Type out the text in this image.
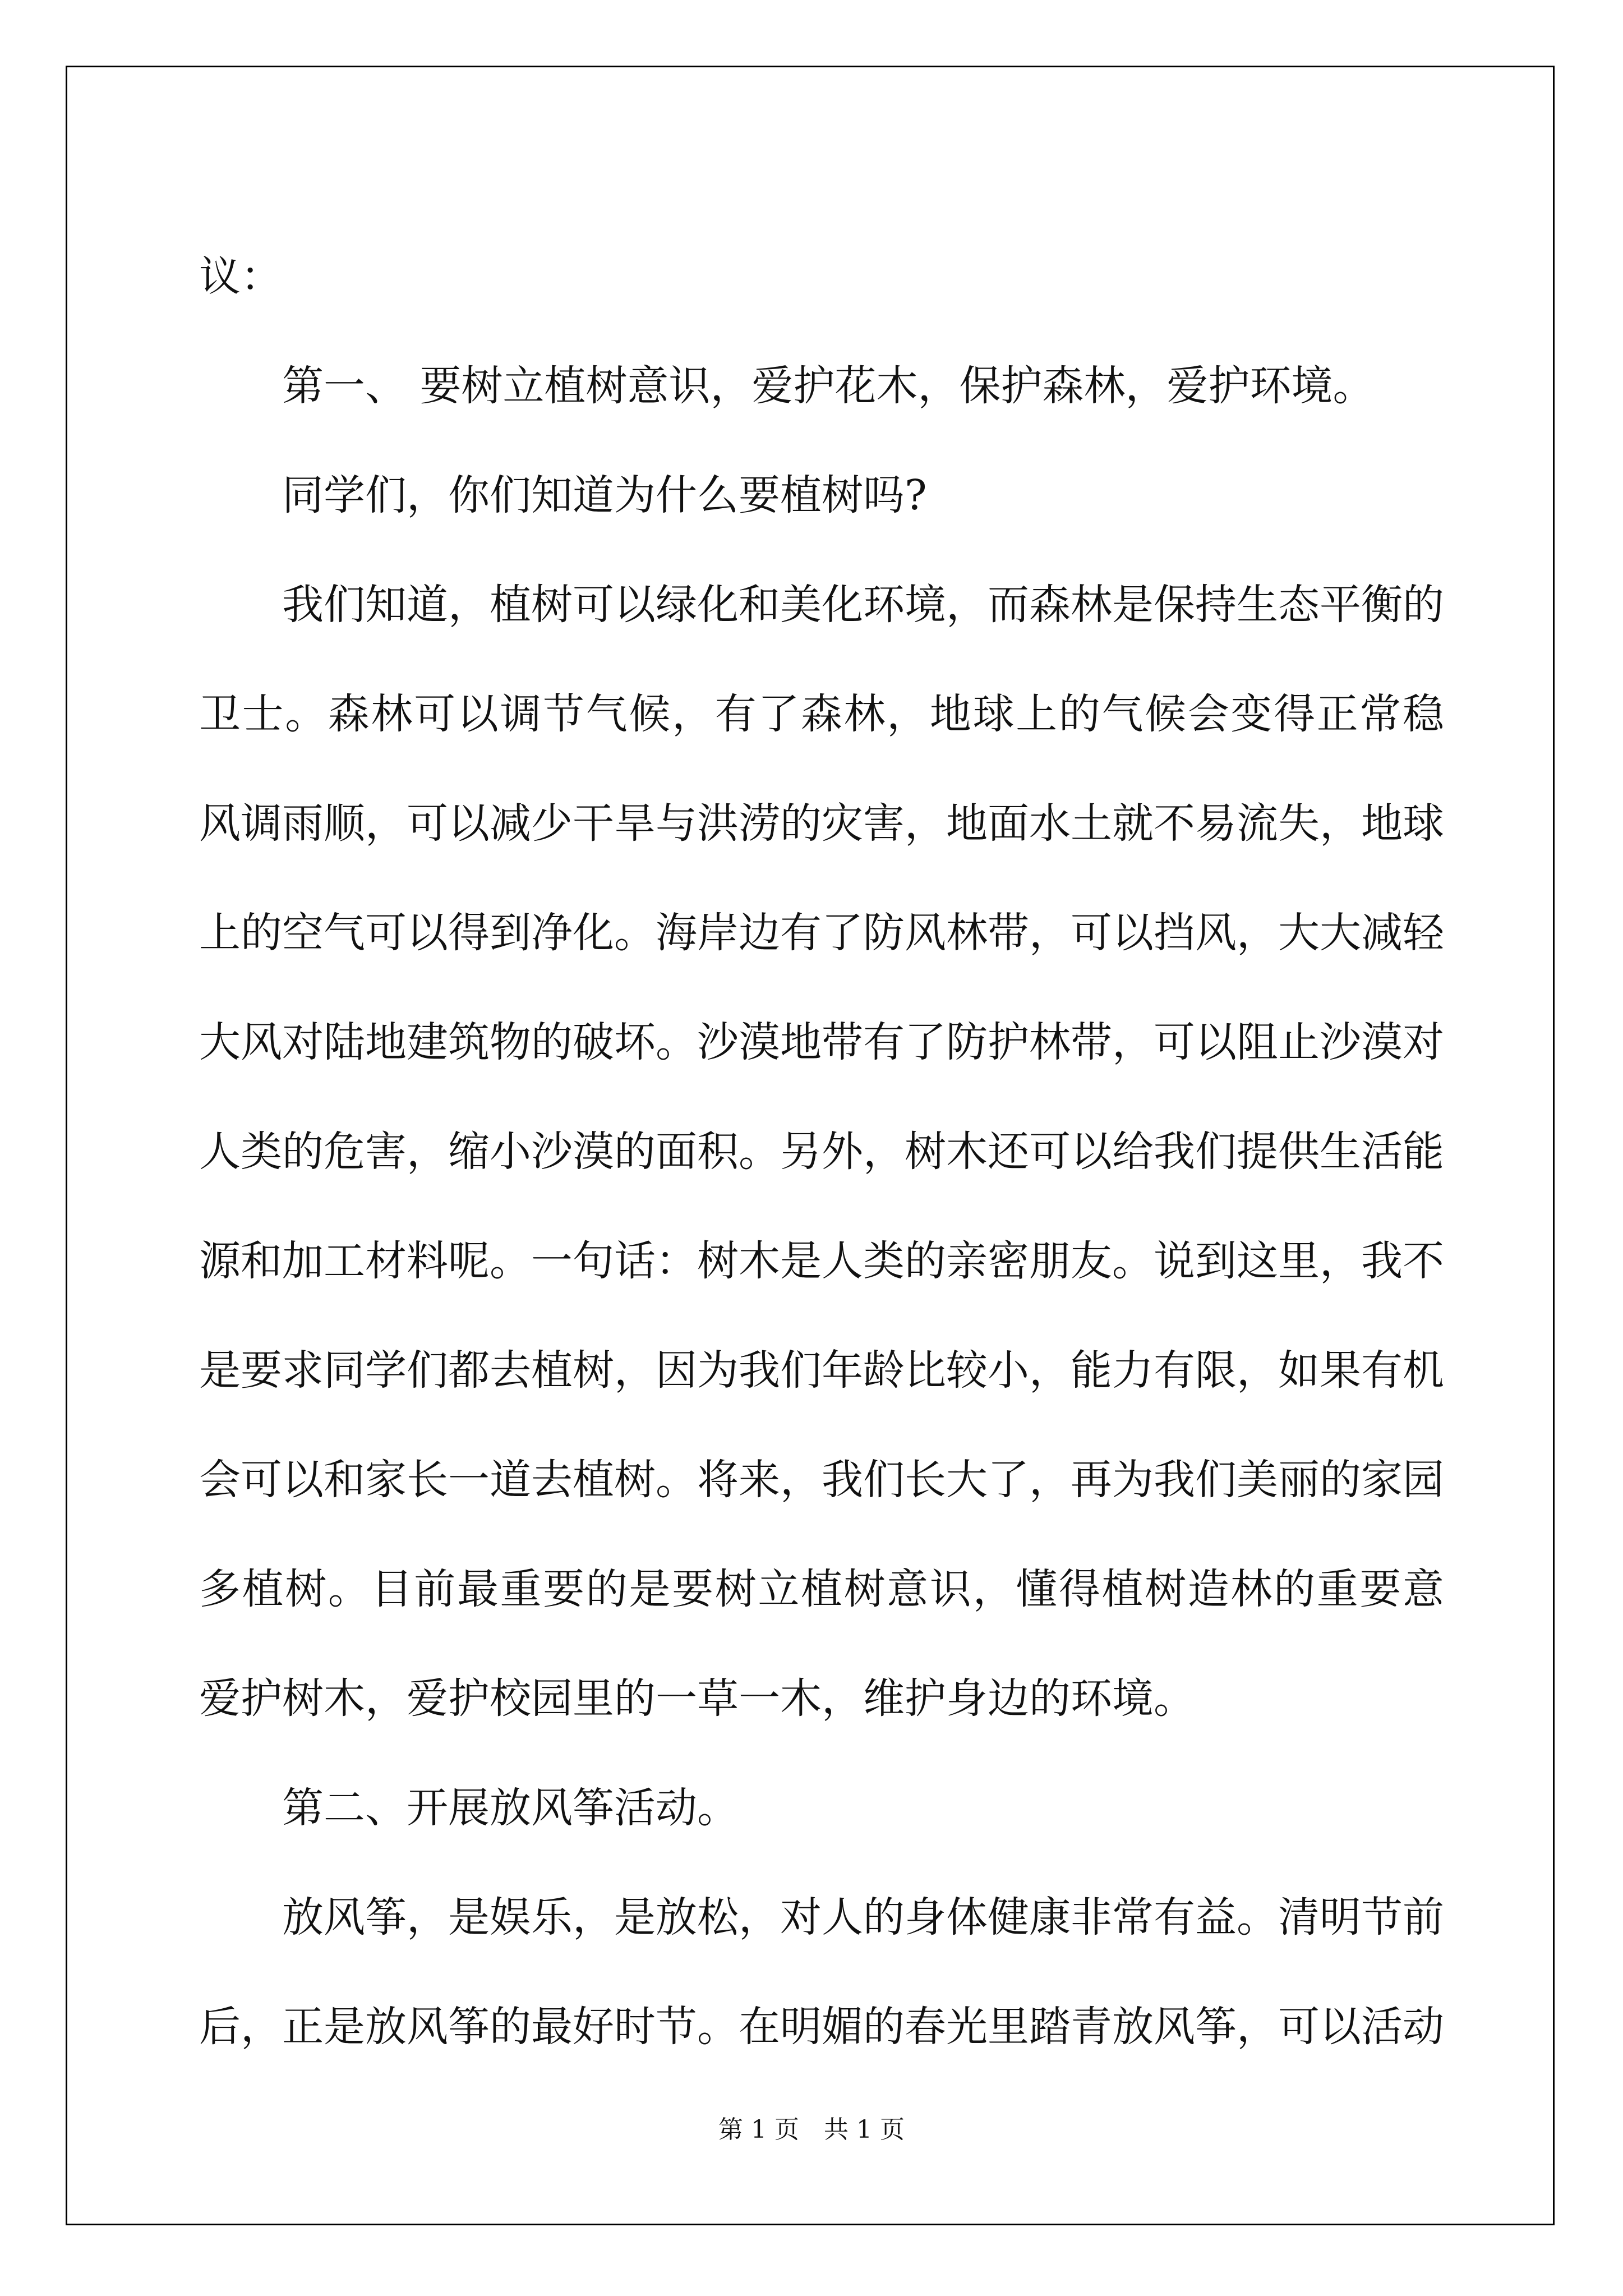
议：

第一、 要树立植树意识，爱护花木，保护森林，爱护环境。

同学们，你们知道为什么要植树吗?

我们知道，植树可以绿化和美化环境，而森林是保持生态平衡的

卫士。森林可以调节气候，有了森林，地球上的气候会变得正常稳

风调雨顺，可以减少干旱与洪涝的灾害，地面水土就不易流失，地球

上的空气可以得到净化。海岸边有了防风林带，可以挡风，大大减轻

大风对陆地建筑物的破坏。沙漠地带有了防护林带，可以阻止沙漠对

人类的危害，缩小沙漠的面积。另外，树木还可以给我们提供生活能

源和加工材料呢。一句话：树木是人类的亲密朋友。说到这里，我不

是要求同学们都去植树，因为我们年龄比较小，能力有限，如果有机

会可以和家长一道去植树。将来，我们长大了，再为我们美丽的家园

多植树。目前最重要的是要树立植树意识，懂得植树造林的重要意

爱护树木，爱护校园里的一草一木，维护身边的环境。

第二、开展放风筝活动。

放风筝，是娱乐，是放松，对人的身体健康非常有益。清明节前

后，正是放风筝的最好时节。在明媚的春光里踏青放风筝，可以活动

第 1 页　共 1 页
